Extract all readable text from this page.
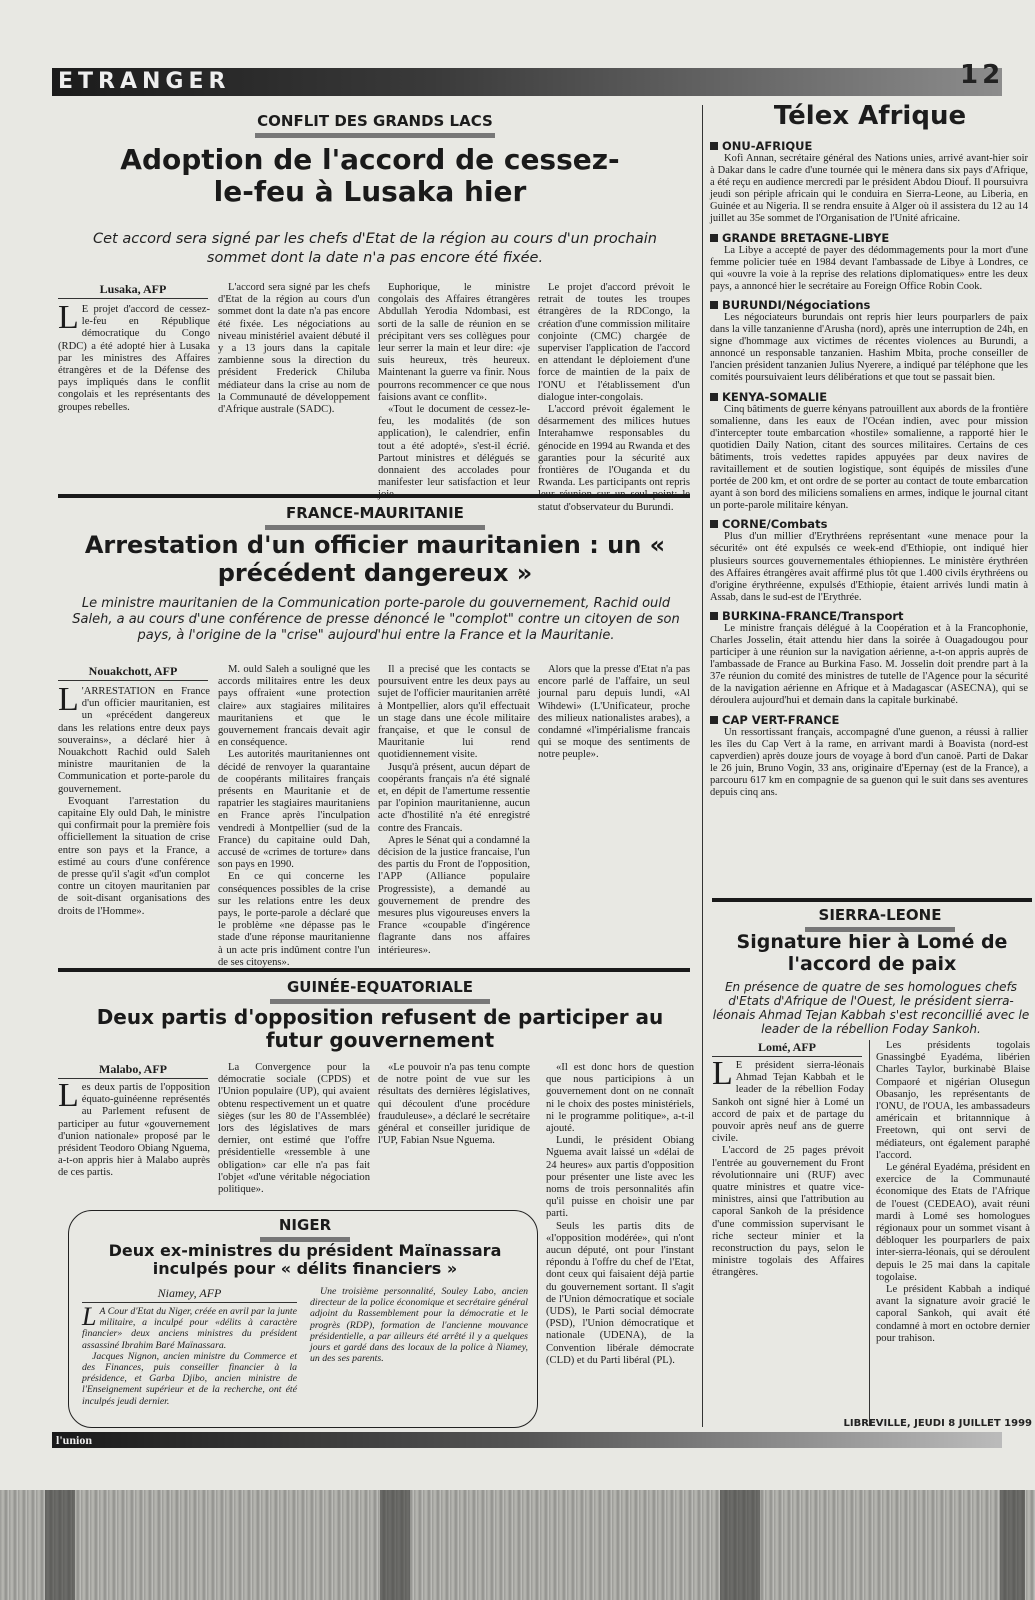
ETRANGER	12
CONFLIT DES GRANDS LACS
Adoption de l'accord de cessez-le-feu à Lusaka hier
Cet accord sera signé par les chefs d'Etat de la région au cours d'un prochain sommet dont la date n'a pas encore été fixée.
Lusaka, AFP

L E projet d'accord de cessez-le-feu en République démocratique du Congo (RDC) a été adopté hier à Lusaka par les ministres des Affaires étrangères et de la Défense des pays impliqués dans le conflit congolais et les représentants des groupes rebelles.

L'accord sera signé par les chefs d'Etat de la région au cours d'un sommet dont la date n'a pas encore été fixée. Les négociations au niveau ministériel avaient débuté il y a 13 jours dans la capitale zambienne sous la direction du président Frederick Chiluba médiateur dans la crise au nom de la Communauté de développement d'Afrique australe (SADC).

Euphorique, le ministre congolais des Affaires étrangères Abdullah Yerodia Ndombasi, est sorti de la salle de réunion en se précipitant vers ses collègues pour leur serrer la main et leur dire: «je suis heureux, très heureux. Maintenant la guerre va finir. Nous pourrons recommencer ce que nous faisions avant ce conflit».

«Tout le document de cessez-le-feu, les modalités (de son application), le calendrier, enfin tout a été adopté», s'est-il écrié. Partout ministres et délégués se donnaient des accolades pour manifester leur satisfaction et leur

Le projet d'accord prévoit le retrait de toutes les troupes étrangères de la RDCongo, la création d'une commission militaire conjointe (CMC) chargée de superviser l'application de l'accord en attendant le déploiement d'une force de maintien de la paix de l'ONU et l'établissement d'un dialogue inter-congolais.

L'accord prévoit également le désarmement des milices hutues Interahamwe responsables du génocide en 1994 au Rwanda et des garanties pour la sécurité aux frontières de l'Ouganda et du Rwanda. Les participants ont repris statut d'observateur du Burundi.

FRANCE-MAURITANIE
Arrestation d'un officier mauritanien : un « précédent dangereux »
Le ministre mauritanien de la Communication porte-parole du gouvernement, Rachid ould Saleh, a au cours d'une conférence de presse dénoncé le "complot" contre un citoyen de son pays, à l'origine de la "crise" aujourd'hui entre la France et la Mauritanie.
Nouakchott, AFP

L 'ARRESTATION en France d'un officier mauritanien, est un «précédent dangereux dans les relations entre deux pays souverains», a déclaré hier à Nouakchott Rachid ould Saleh ministre mauritanien de la Communication et porte-parole du gouvernement.

Evoquant l'arrestation du capitaine Ely ould Dah, le ministre qui confirmait pour la première fois officiellement la situation de crise entre son pays et la France, a estimé au cours d'une conférence de presse qu'il s'agit «d'un complot contre un citoyen mauritanien par de soit-disant organisations des droits de l'Homme».

M. ould Saleh a souligné que les accords militaires entre les deux pays offraient «une protection claire» aux stagiaires militaires mauritaniens et que le gouvernement francais devait agir en conséquence.

Les autorités mauritaniennes ont décidé de renvoyer la quarantaine de coopérants militaires français présents en Mauritanie et de rapatrier les stagiaires mauritaniens en France après l'inculpation vendredi à Montpellier (sud de la France) du capitaine ould Dah, accusé de «crimes de torture» dans son pays en 1990.

En ce qui concerne les conséquences possibles de la crise sur les relations entre les deux pays, le porte-parole a déclaré que le problème «ne dépasse pas le stade d'une réponse mauritanienne à un acte pris indûment contre l'un de ses citoyens».

Il a precisé que les contacts se poursuivent entre les deux pays au sujet de l'officier mauritanien arrêté à Montpellier, alors qu'il effectuait un stage dans une école militaire française, et que le consul de Mauritanie lui rend quotidiennement visite.

Jusqu'à présent, aucun départ de coopérants français n'a été signalé et, en dépit de l'amertume ressentie par l'opinion mauritanienne, aucun acte d'hostilité n'a été enregistré contre des Francais.

Apres le Sénat qui a condamné la décision de la justice francaise, l'un des partis du Front de l'opposition, l'APP (Alliance populaire Progressiste), a demandé au gouvernement de prendre des mesures plus vigoureuses envers la France «coupable d'ingérence flagrante dans nos affaires intérieures».

Alors que la presse d'Etat n'a pas encore parlé de l'affaire, un seul journal paru depuis lundi, «Al Wihdewi» (L'Unificateur, proche des milieux nationalistes arabes), a condamné «l'impérialisme francais qui se moque des sentiments de notre peuple».

GUINÉE-EQUATORIALE
Deux partis d'opposition refusent de participer au futur gouvernement
Malabo, AFP

Les deux partis de l'opposition équato-guinéenne représentés au Parlement refusent de participer au futur «gouvernement d'union nationale» proposé par le président Teodoro Obiang Nguema, a-t-on appris hier à Malabo auprès de ces partis.

La Convergence pour la démocratie sociale (CPDS) et l'Union populaire (UP), qui avaient obtenu respectivement un et quatre sièges (sur les 80 de l'Assemblée) lors des législatives de mars dernier, ont estimé que l'offre présidentielle «ressemble à une obligation» car elle n'a pas fait l'objet «d'une véritable négociation politique».

«Le pouvoir n'a pas tenu compte de notre point de vue sur les résultats des dernières législatives, qui découlent d'une procédure frauduleuse», a déclaré le secrétaire général et conseiller juridique de l'UP, Fabian Nsue Nguema.

«Il est donc hors de question que nous participions à un gouvernement dont on ne connaît ni le choix des postes ministériels, ni le programme politique», a-t-il ajouté.

Lundi, le président Obiang Nguema avait laissé un «délai de 24 heures» aux partis d'opposition pour présenter une liste avec les noms de trois personnalités afin qu'il puisse en choisir une par parti.

Seuls les partis dits de «l'opposition modérée», qui n'ont aucun député, ont pour l'instant répondu à l'offre du chef de l'Etat, dont ceux qui faisaient déjà partie du gouvernement sortant. Il s'agit de l'Union démocratique et sociale (UDS), le Parti social démocrate (PSD), l'Union démocratique et nationale (UDENA), de la Convention libérale démocrate (CLD) et du Parti libéral (PL).

NIGER
Deux ex-ministres du président Maïnassara inculpés pour « délits financiers »
Niamey, AFP

L A Cour d'Etat du Niger, créée en avril par la junte militaire, a inculpé pour «délits à caractère financier» deux anciens ministres du président assassiné Ibrahim Baré Maïnassara.

Jacques Nignon, ancien ministre du Commerce et des Finances, puis conseiller financier à la présidence, et Garba Djibo, ancien ministre de l'Enseignement supérieur et de la recherche, ont été inculpés jeudi dernier.

Une troisième personnalité, Souley Labo, ancien directeur de la police économique et secrétaire général adjoint du Rassemblement pour la démocratie et le progrès (RDP), formation de l'ancienne mouvance présidentielle, a par ailleurs été arrêté il y a quelques jours et gardé dans des locaux de la police à Niamey, un des ses parents.

Télex Afrique
ONU-AFRIQUE

Kofi Annan, secrétaire général des Nations unies, arrivé avant-hier soir à Dakar dans le cadre d'une tournée qui le mènera dans six pays d'Afrique, a été reçu en audience mercredi par le président Abdou Diouf. Il poursuivra jeudi son périple africain qui le conduira en Sierra-Leone, au Liberia, en Guinée et au Nigeria. Il se rendra ensuite à Alger où il assistera du 12 au 14 juillet au 35e sommet de l'Organisation de l'Unité africaine.

GRANDE BRETAGNE-LIBYE

La Libye a accepté de payer des dédommagements pour la mort d'une femme policier tuée en 1984 devant l'ambassade de Libye à Londres, ce qui «ouvre la voie à la reprise des relations diplomatiques» entre les deux pays, a annoncé hier le secrétaire au Foreign Office Robin Cook.

BURUNDI/Négociations

Les négociateurs burundais ont repris hier leurs pourparlers de paix dans la ville tanzanienne d'Arusha (nord), après une interruption de 24h, en signe d'hommage aux victimes de récentes violences au Burundi, a annoncé un responsable tanzanien. Hashim Mbita, proche conseiller de l'ancien président tanzanien Julius Nyerere, a indiqué par téléphone que les comités poursuivaient leurs délibérations et que tout se passait bien.

KENYA-SOMALIE

Cinq bâtiments de guerre kényans patrouillent aux abords de la frontière somalienne, dans les eaux de l'Océan indien, avec pour mission d'intercepter toute embarcation «hostile» somalienne, a rapporté hier le quotidien Daily Nation, citant des sources militaires. Certains de ces bâtiments, trois vedettes rapides appuyées par deux navires de ravitaillement et de soutien logistique, sont équipés de missiles d'une portée de 200 km, et ont ordre de se porter au contact de toute embarcation ayant à son bord des miliciens somaliens en armes, indique le journal citant un porte-parole militaire kényan.

CORNE/Combats

Plus d'un millier d'Erythréens représentant «une menace pour la sécurité» ont été expulsés ce week-end d'Ethiopie, ont indiqué hier plusieurs sources gouvernementales éthiopiennes. Le ministère érythréen des Affaires étrangères avait affirmé plus tôt que 1.400 civils érythréens ou d'origine érythréenne, expulsés d'Ethiopie, étaient arrivés lundi matin à Assab, dans le sud-est de l'Erythrée.

BURKINA-FRANCE/Transport

Le ministre français délégué à la Coopération et à la Francophonie, Charles Josselin, était attendu hier dans la soirée à Ouagadougou pour participer à une réunion sur la navigation aérienne, a-t-on appris auprès de l'ambassade de France au Burkina Faso. M. Josselin doit prendre part à la 37e réunion du comité des ministres de tutelle de l'Agence pour la sécurité de la navigation aérienne en Afrique et à Madagascar (ASECNA), qui se déroulera aujourd'hui et demain dans la capitale burkinabé.

CAP VERT-FRANCE

Un ressortissant français, accompagné d'une guenon, a réussi à rallier les îles du Cap Vert à la rame, en arrivant mardi à Boavista (nord-est capverdien) après douze jours de voyage à bord d'un canoë. Parti de Dakar le 26 juin, Bruno Vogin, 33 ans, originaire d'Epernay (est de la France), a parcouru 617 km en compagnie de sa guenon qui le suit dans ses aventures depuis cinq ans.

SIERRA-LEONE
Signature hier à Lomé de l'accord de paix
En présence de quatre de ses homologues chefs d'Etats d'Afrique de l'Ouest, le président sierra-léonais Ahmad Tejan Kabbah s'est reconcillié avec le leader de la rébellion Foday Sankoh.
Lomé, AFP

L E président sierra-léonais Ahmad Tejan Kabbah et le leader de la rébellion Foday Sankoh ont signé hier à Lomé un accord de paix et de partage du pouvoir après neuf ans de guerre civile.

L'accord de 25 pages prévoit l'entrée au gouvernement du Front révolutionnaire uni (RUF) avec quatre ministres et quatre vice-ministres, ainsi que l'attribution au caporal Sankoh de la présidence d'une commission supervisant le riche secteur minier et la reconstruction du pays, selon le ministre togolais des Affaires étrangères.

Les présidents togolais Gnassingbé Eyadéma, libérien Charles Taylor, burkinabè Blaise Compaoré et nigérian Olusegun Obasanjo, les représentants de l'ONU, de l'OUA, les ambassadeurs américain et britannnique à Freetown, qui ont servi de médiateurs, ont également paraphé l'accord.

Le général Eyadéma, président en exercice de la Communauté économique des Etats de l'Afrique de l'ouest (CEDEAO), avait réuni mardi à Lomé ses homologues régionaux pour un sommet visant à débloquer les pourparlers de paix inter-sierra-léonais, qui se déroulent depuis le 25 mai dans la capitale togolaise.

Le président Kabbah a indiqué avant la signature avoir gracié le caporal Sankoh, qui avait été condamné à mort en octobre dernier pour trahison.

l'union
LIBREVILLE, JEUDI 8 JUILLET 1999
